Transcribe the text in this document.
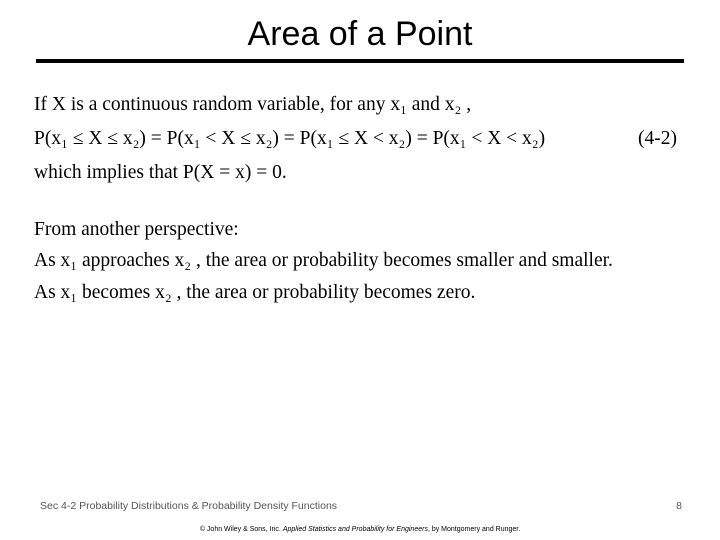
Area of a Point
If X is a continuous random variable, for any x₁ and x₂ ,
P(x₁ ≤ X ≤ x₂) = P(x₁ < X ≤ x₂) = P(x₁ ≤ X < x₂) = P(x₁ < X < x₂)	(4-2)
which implies that P(X = x) = 0.
From another perspective:
As x₁ approaches x₂ , the area or probability becomes smaller and smaller.
As x₁ becomes x₂ , the area or probability becomes zero.
Sec 4-2 Probability Distributions & Probability Density Functions	8
© John Wiley & Sons, Inc. Applied Statistics and Probability for Engineers, by Montgomery and Runger.
